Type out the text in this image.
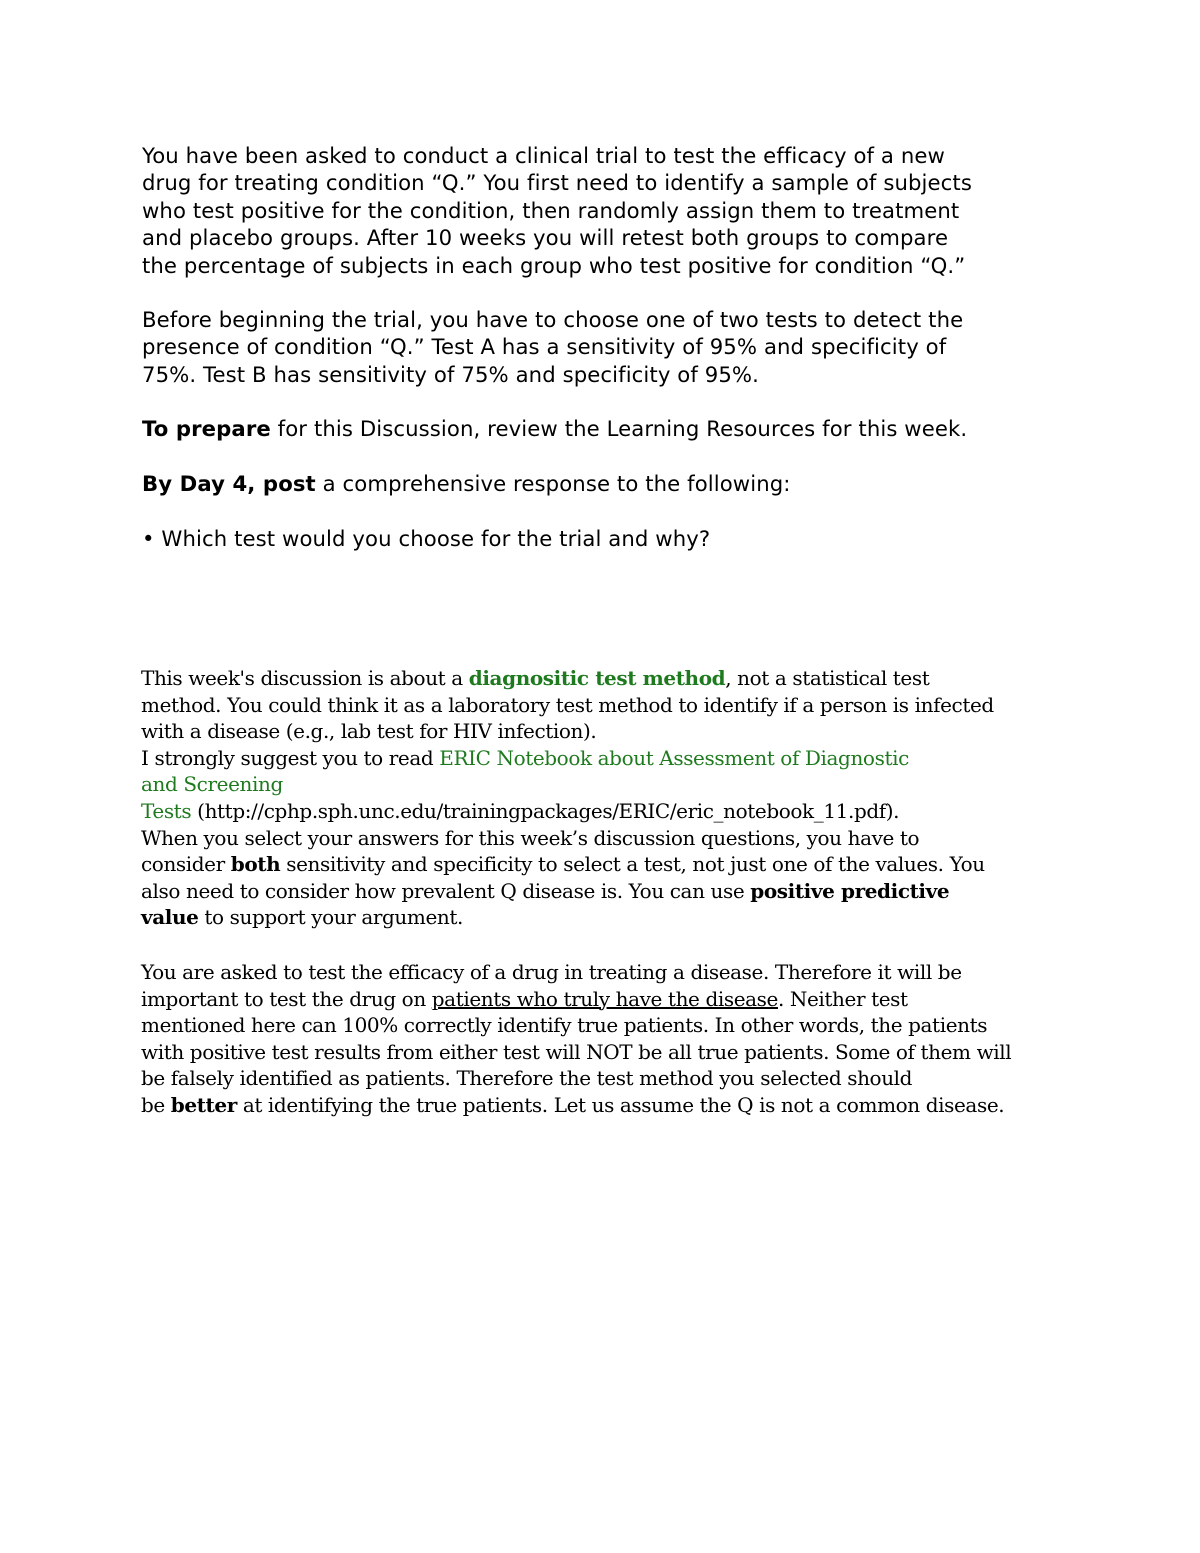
You have been asked to conduct a clinical trial to test the efficacy of a new
drug for treating condition “Q.” You first need to identify a sample of subjects
who test positive for the condition, then randomly assign them to treatment
and placebo groups. After 10 weeks you will retest both groups to compare
the percentage of subjects in each group who test positive for condition “Q.”

Before beginning the trial, you have to choose one of two tests to detect the
presence of condition “Q.” Test A has a sensitivity of 95% and specificity of
75%. Test B has sensitivity of 75% and specificity of 95%.

To prepare for this Discussion, review the Learning Resources for this week.

By Day 4, post a comprehensive response to the following:

• Which test would you choose for the trial and why?

This week's discussion is about a diagnositic test method, not a statistical test
method. You could think it as a laboratory test method to identify if a person is infected
with a disease (e.g., lab test for HIV infection).
I strongly suggest you to read ERIC Notebook about Assessment of Diagnostic
and Screening
Tests (http://cphp.sph.unc.edu/trainingpackages/ERIC/eric_notebook_11.pdf).
When you select your answers for this week’s discussion questions, you have to
consider both sensitivity and specificity to select a test, not just one of the values. You
also need to consider how prevalent Q disease is. You can use positive predictive
value to support your argument.

You are asked to test the efficacy of a drug in treating a disease. Therefore it will be
important to test the drug on patients who truly have the disease. Neither test
mentioned here can 100% correctly identify true patients. In other words, the patients
with positive test results from either test will NOT be all true patients. Some of them will
be falsely identified as patients. Therefore the test method you selected should
be better at identifying the true patients. Let us assume the Q is not a common disease.
